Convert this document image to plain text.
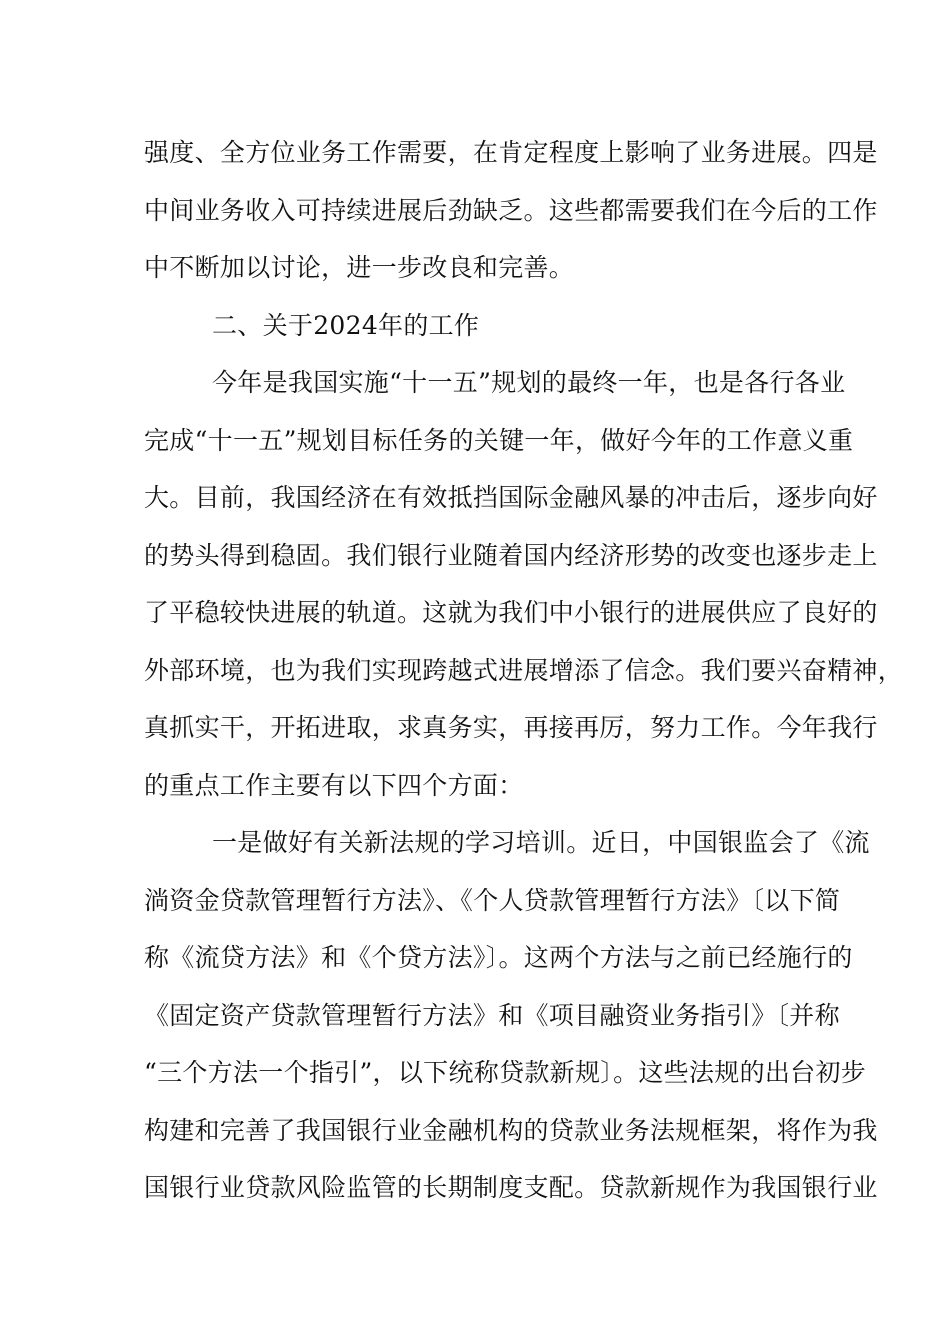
强度、全方位业务工作需要，在肯定程度上影响了业务进展。四是
中间业务收入可持续进展后劲缺乏。这些都需要我们在今后的工作
中不断加以讨论，进一步改良和完善。
二、关于2024年的工作
今年是我国实施“十一五”规划的最终一年，也是各行各业
完成“十一五”规划目标任务的关键一年，做好今年的工作意义重
大。目前，我国经济在有效抵挡国际金融风暴的冲击后，逐步向好
的势头得到稳固。我们银行业随着国内经济形势的改变也逐步走上
了平稳较快进展的轨道。这就为我们中小银行的进展供应了良好的
外部环境，也为我们实现跨越式进展增添了信念。我们要兴奋精神，
真抓实干，开拓进取，求真务实，再接再厉，努力工作。今年我行
的重点工作主要有以下四个方面：
一是做好有关新法规的学习培训。近日，中国银监会了《流
淌资金贷款管理暂行方法》、《个人贷款管理暂行方法》〔以下简
称《流贷方法》和《个贷方法》〕。这两个方法与之前已经施行的
《固定资产贷款管理暂行方法》和《项目融资业务指引》〔并称
“三个方法一个指引”，以下统称贷款新规〕。这些法规的出台初步
构建和完善了我国银行业金融机构的贷款业务法规框架，将作为我
国银行业贷款风险监管的长期制度支配。贷款新规作为我国银行业
